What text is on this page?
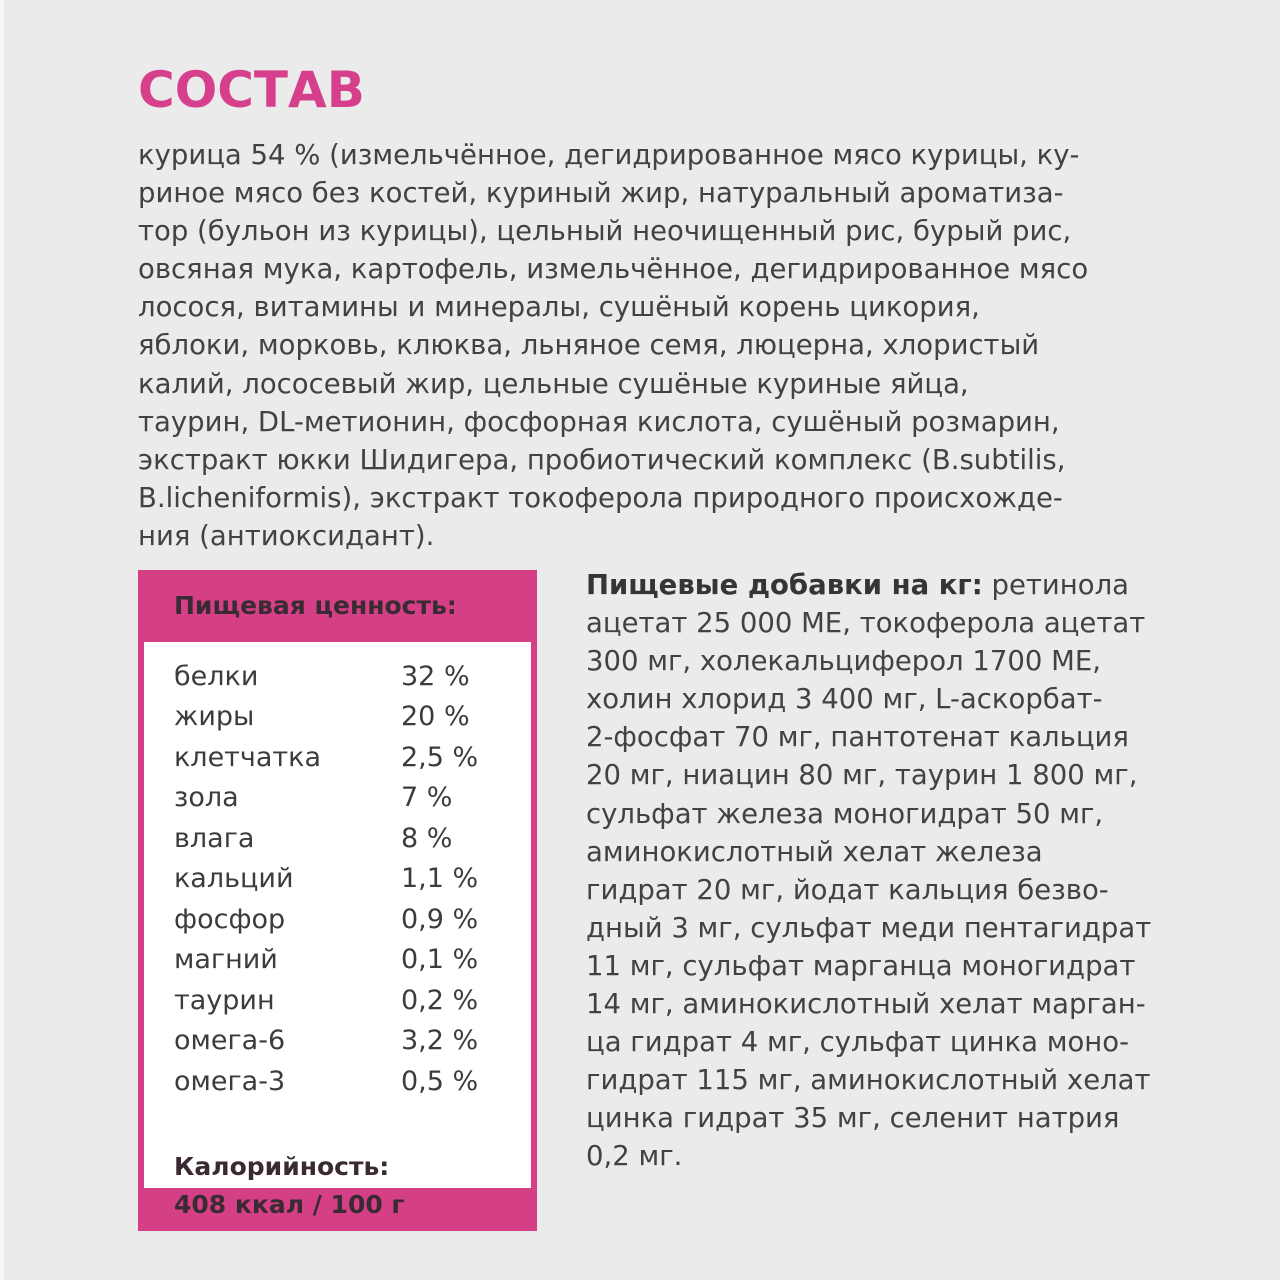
СОСТАВ
курица 54 % (измельчённое, дегидрированное мясо курицы, ку-
риное мясо без костей, куриный жир, натуральный ароматиза-
тор (бульон из курицы), цельный неочищенный рис, бурый рис,
овсяная мука, картофель, измельчённое, дегидрированное мясо
лосося, витамины и минералы, сушёный корень цикория,
яблоки, морковь, клюква, льняное семя, люцерна, хлористый
калий, лососевый жир, цельные сушёные куриные яйца,
таурин, DL-метионин, фосфорная кислота, сушёный розмарин,
экстракт юкки Шидигера, пробиотический комплекс (B.subtilis,
B.licheniformis), экстракт токоферола природного происхожде-
ния (антиоксидант).
Пищевая ценность:
белки	32 %
жиры	20 %
клетчатка	2,5 %
зола	7 %
влага	8 %
кальций	1,1 %
фосфор	0,9 %
магний	0,1 %
таурин	0,2 %
омега-6	3,2 %
омега-3	0,5 %
Калорийность:
408 ккал / 100 г
Пищевые добавки на кг: ретинола
ацетат 25 000 МЕ, токоферола ацетат
300 мг, холекальциферол 1700 МЕ,
холин хлорид 3 400 мг, L-аскорбат-
2-фосфат 70 мг, пантотенат кальция
20 мг, ниацин 80 мг, таурин 1 800 мг,
сульфат железа моногидрат 50 мг,
аминокислотный хелат железа
гидрат 20 мг, йодат кальция безво-
дный 3 мг, сульфат меди пентагидрат
11 мг, сульфат марганца моногидрат
14 мг, аминокислотный хелат марган-
ца гидрат 4 мг, сульфат цинка моно-
гидрат 115 мг, аминокислотный хелат
цинка гидрат 35 мг, селенит натрия
0,2 мг.
